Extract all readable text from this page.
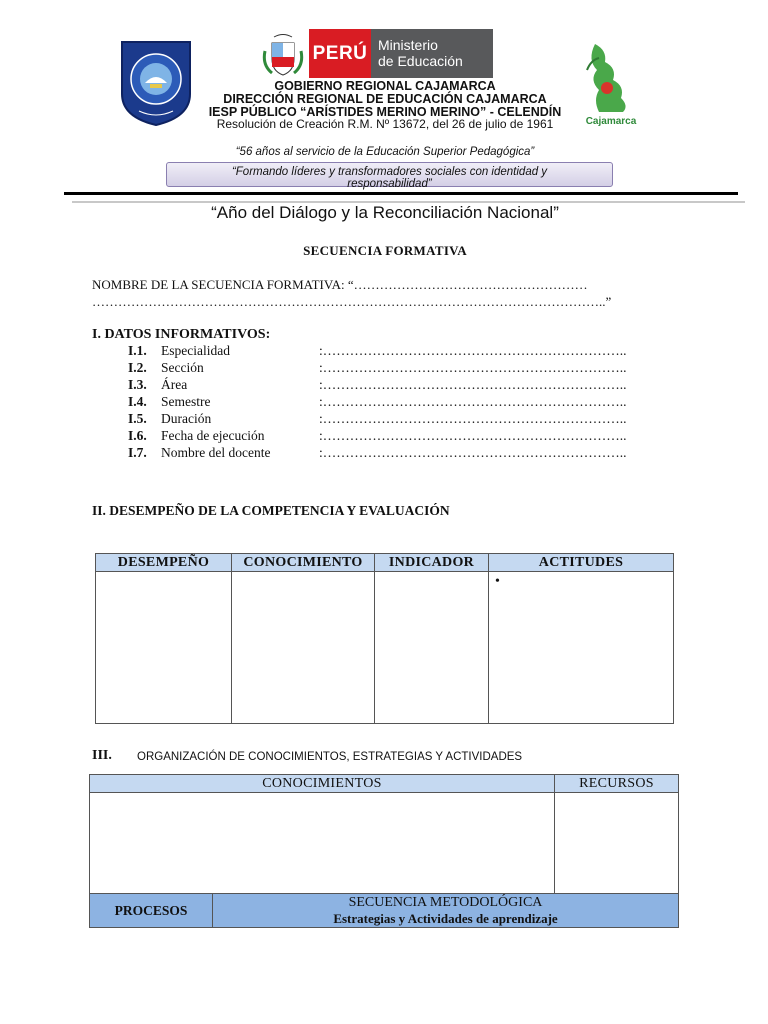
PERÚ Ministerio
de Educación
Cajamarca
GOBIERNO REGIONAL CAJAMARCA
DIRECCIÓN REGIONAL DE EDUCACIÓN CAJAMARCA
IESP PÚBLICO “ARÍSTIDES MERINO MERINO” - CELENDÍN
Resolución de Creación R.M. Nº 13672, del 26 de julio de 1961
“56 años al servicio de la Educación Superior Pedagógica”
“Formando líderes y transformadores sociales con identidad y
responsabilidad”
“Año del Diálogo y la Reconciliación Nacional”
SECUENCIA FORMATIVA
NOMBRE DE LA SECUENCIA FORMATIVA: “………………………………………………
………………………………………………………………………………………………………..”
I. DATOS INFORMATIVOS:
I.1. Especialidad	:…………………………………………………………..
I.2. Sección	:…………………………………………………………..
I.3. Área	:…………………………………………………………..
I.4. Semestre	:…………………………………………………………..
I.5. Duración	:…………………………………………………………..
I.6. Fecha de ejecución	:…………………………………………………………..
I.7. Nombre del docente	:…………………………………………………………..
II. DESEMPEÑO DE LA COMPETENCIA Y EVALUACIÓN
DESEMPEÑO	CONOCIMIENTO	INDICADOR	ACTITUDES
			•
III. ORGANIZACIÓN DE CONOCIMIENTOS, ESTRATEGIAS Y ACTIVIDADES
CONOCIMIENTOS		RECURSOS

PROCESOS	SECUENCIA METODOLÓGICA
Estrategias y Actividades de aprendizaje	
